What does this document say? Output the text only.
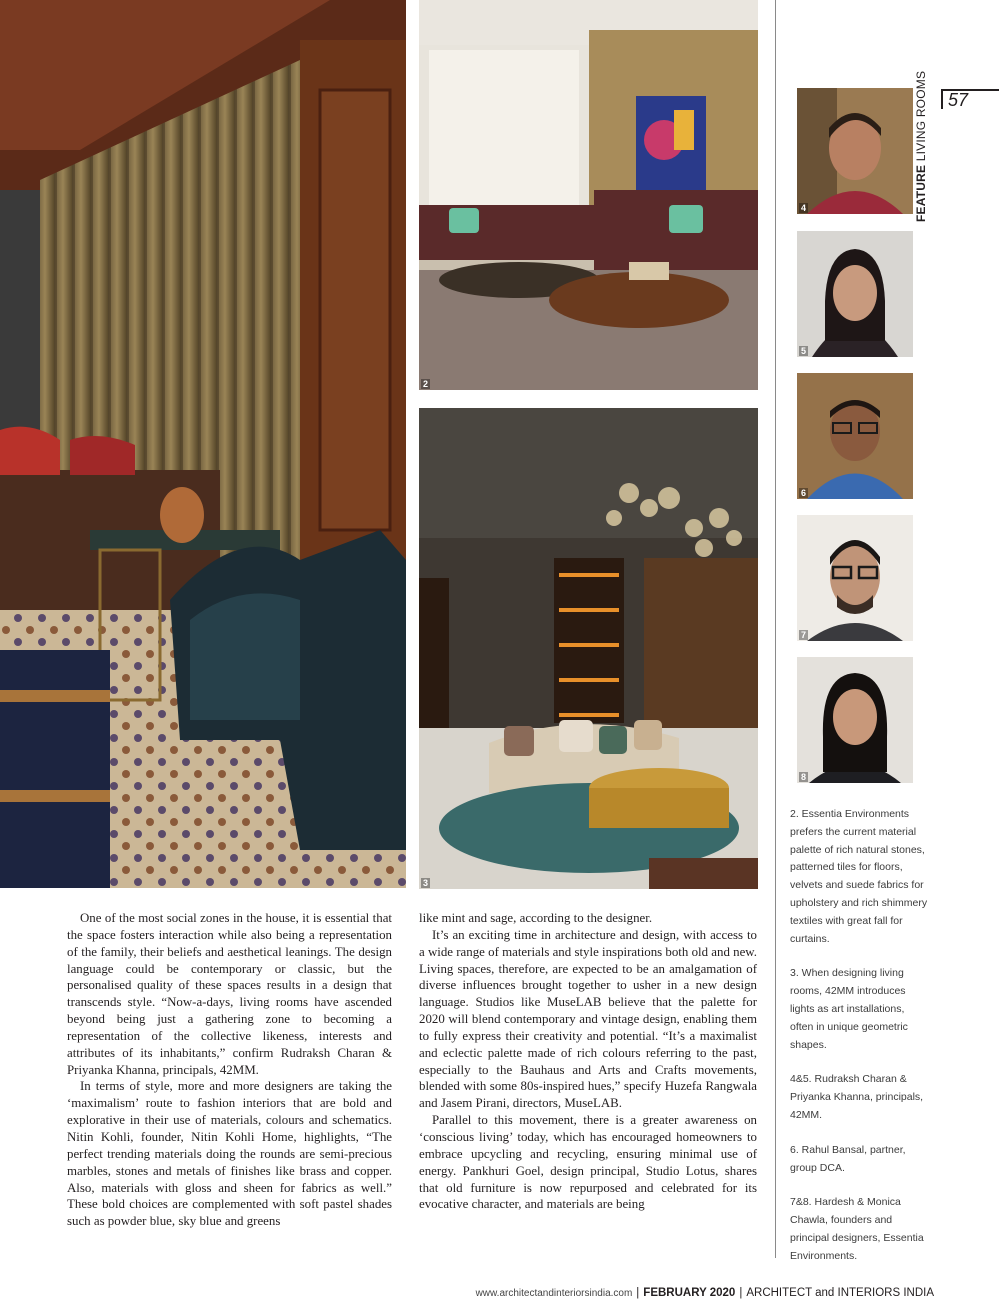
2
3
4
5
6
7
8
57
FEATURE LIVING ROOMS

2. Essentia Environments prefers the current material palette of rich natural stones, patterned tiles for floors, velvets and suede fabrics for upholstery and rich shimmery textiles with great fall for curtains.

3. When designing living rooms, 42MM introduces lights as art installations, often in unique geometric shapes.

4&5. Rudraksh Charan & Priyanka Khanna, principals, 42MM.

6. Rahul Bansal, partner, group DCA.

7&8. Hardesh & Monica Chawla, founders and principal designers, Essentia Environments.

One of the most social zones in the house, it is essential that the space fosters interaction while also being a representation of the family, their beliefs and aesthetical leanings. The design language could be contemporary or classic, but the personalised quality of these spaces results in a design that transcends style. “Now-a-days, living rooms have ascended beyond being just a gathering zone to becoming a representation of the collective likeness, interests and attributes of its inhabitants,” confirm Rudraksh Charan & Priyanka Khanna, principals, 42MM.

In terms of style, more and more designers are taking the ‘maximalism’ route to fashion interiors that are bold and explorative in their use of materials, colours and schematics. Nitin Kohli, founder, Nitin Kohli Home, highlights, “The perfect trending materials doing the rounds are semi-precious marbles, stones and metals of finishes like brass and copper. Also, materials with gloss and sheen for fabrics as well.” These bold choices are complemented with soft pastel shades such as powder blue, sky blue and greens

like mint and sage, according to the designer.

It’s an exciting time in architecture and design, with access to a wide range of materials and style inspirations both old and new. Living spaces, therefore, are expected to be an amalgamation of diverse influences brought together to usher in a new design language. Studios like MuseLAB believe that the palette for 2020 will blend contemporary and vintage design, enabling them to fully express their creativity and potential. “It’s a maximalist and eclectic palette made of rich colours referring to the past, especially to the Bauhaus and Arts and Crafts movements, blended with some 80s-inspired hues,” specify Huzefa Rangwala and Jasem Pirani, directors, MuseLAB.

Parallel to this movement, there is a greater awareness on ‘conscious living’ today, which has encouraged homeowners to embrace upcycling and recycling, ensuring minimal use of energy. Pankhuri Goel, design principal, Studio Lotus, shares that old furniture is now repurposed and celebrated for its evocative character, and materials are being

www.architectandinteriorsindia.com | FEBRUARY 2020 | ARCHITECT and INTERIORS INDIA
